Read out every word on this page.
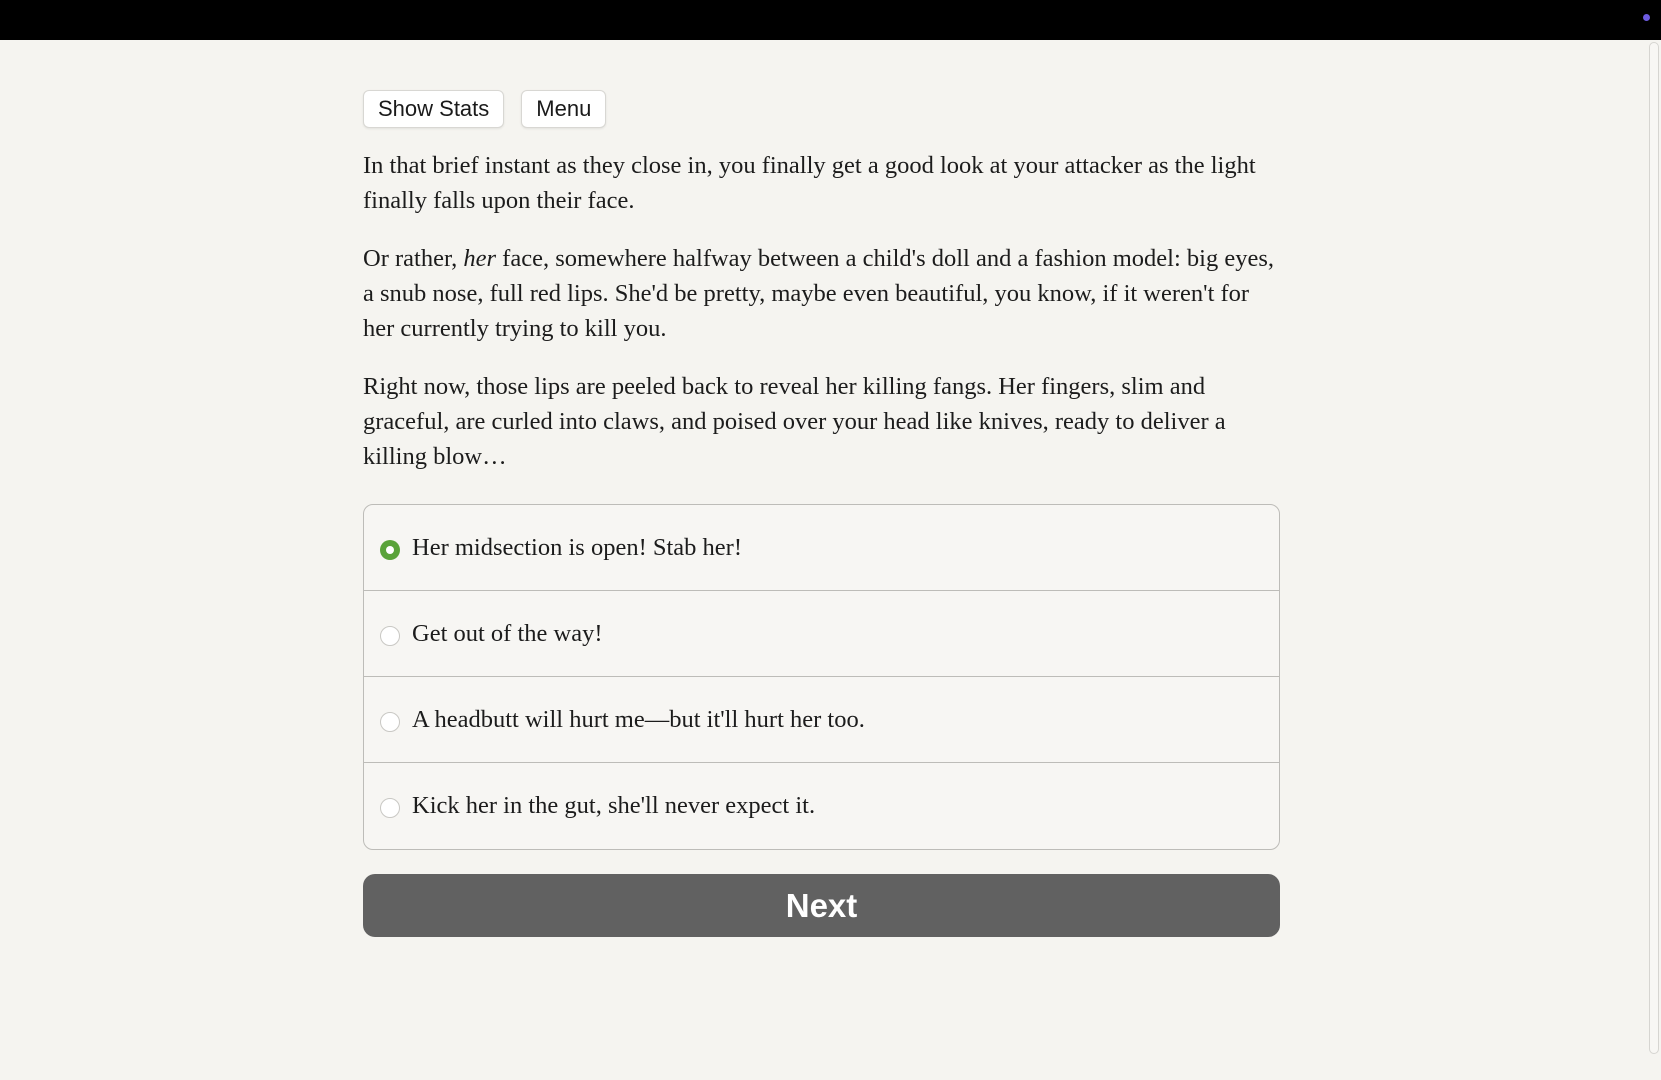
Show Stats	Menu

In that brief instant as they close in, you finally get a good look at your attacker as the light finally falls upon their face.

Or rather, her face, somewhere halfway between a child's doll and a fashion model: big eyes, a snub nose, full red lips. She'd be pretty, maybe even beautiful, you know, if it weren't for her currently trying to kill you.

Right now, those lips are peeled back to reveal her killing fangs. Her fingers, slim and graceful, are curled into claws, and poised over your head like knives, ready to deliver a killing blow…

Her midsection is open! Stab her!
Get out of the way!
A headbutt will hurt me—but it'll hurt her too.
Kick her in the gut, she'll never expect it.
Next
